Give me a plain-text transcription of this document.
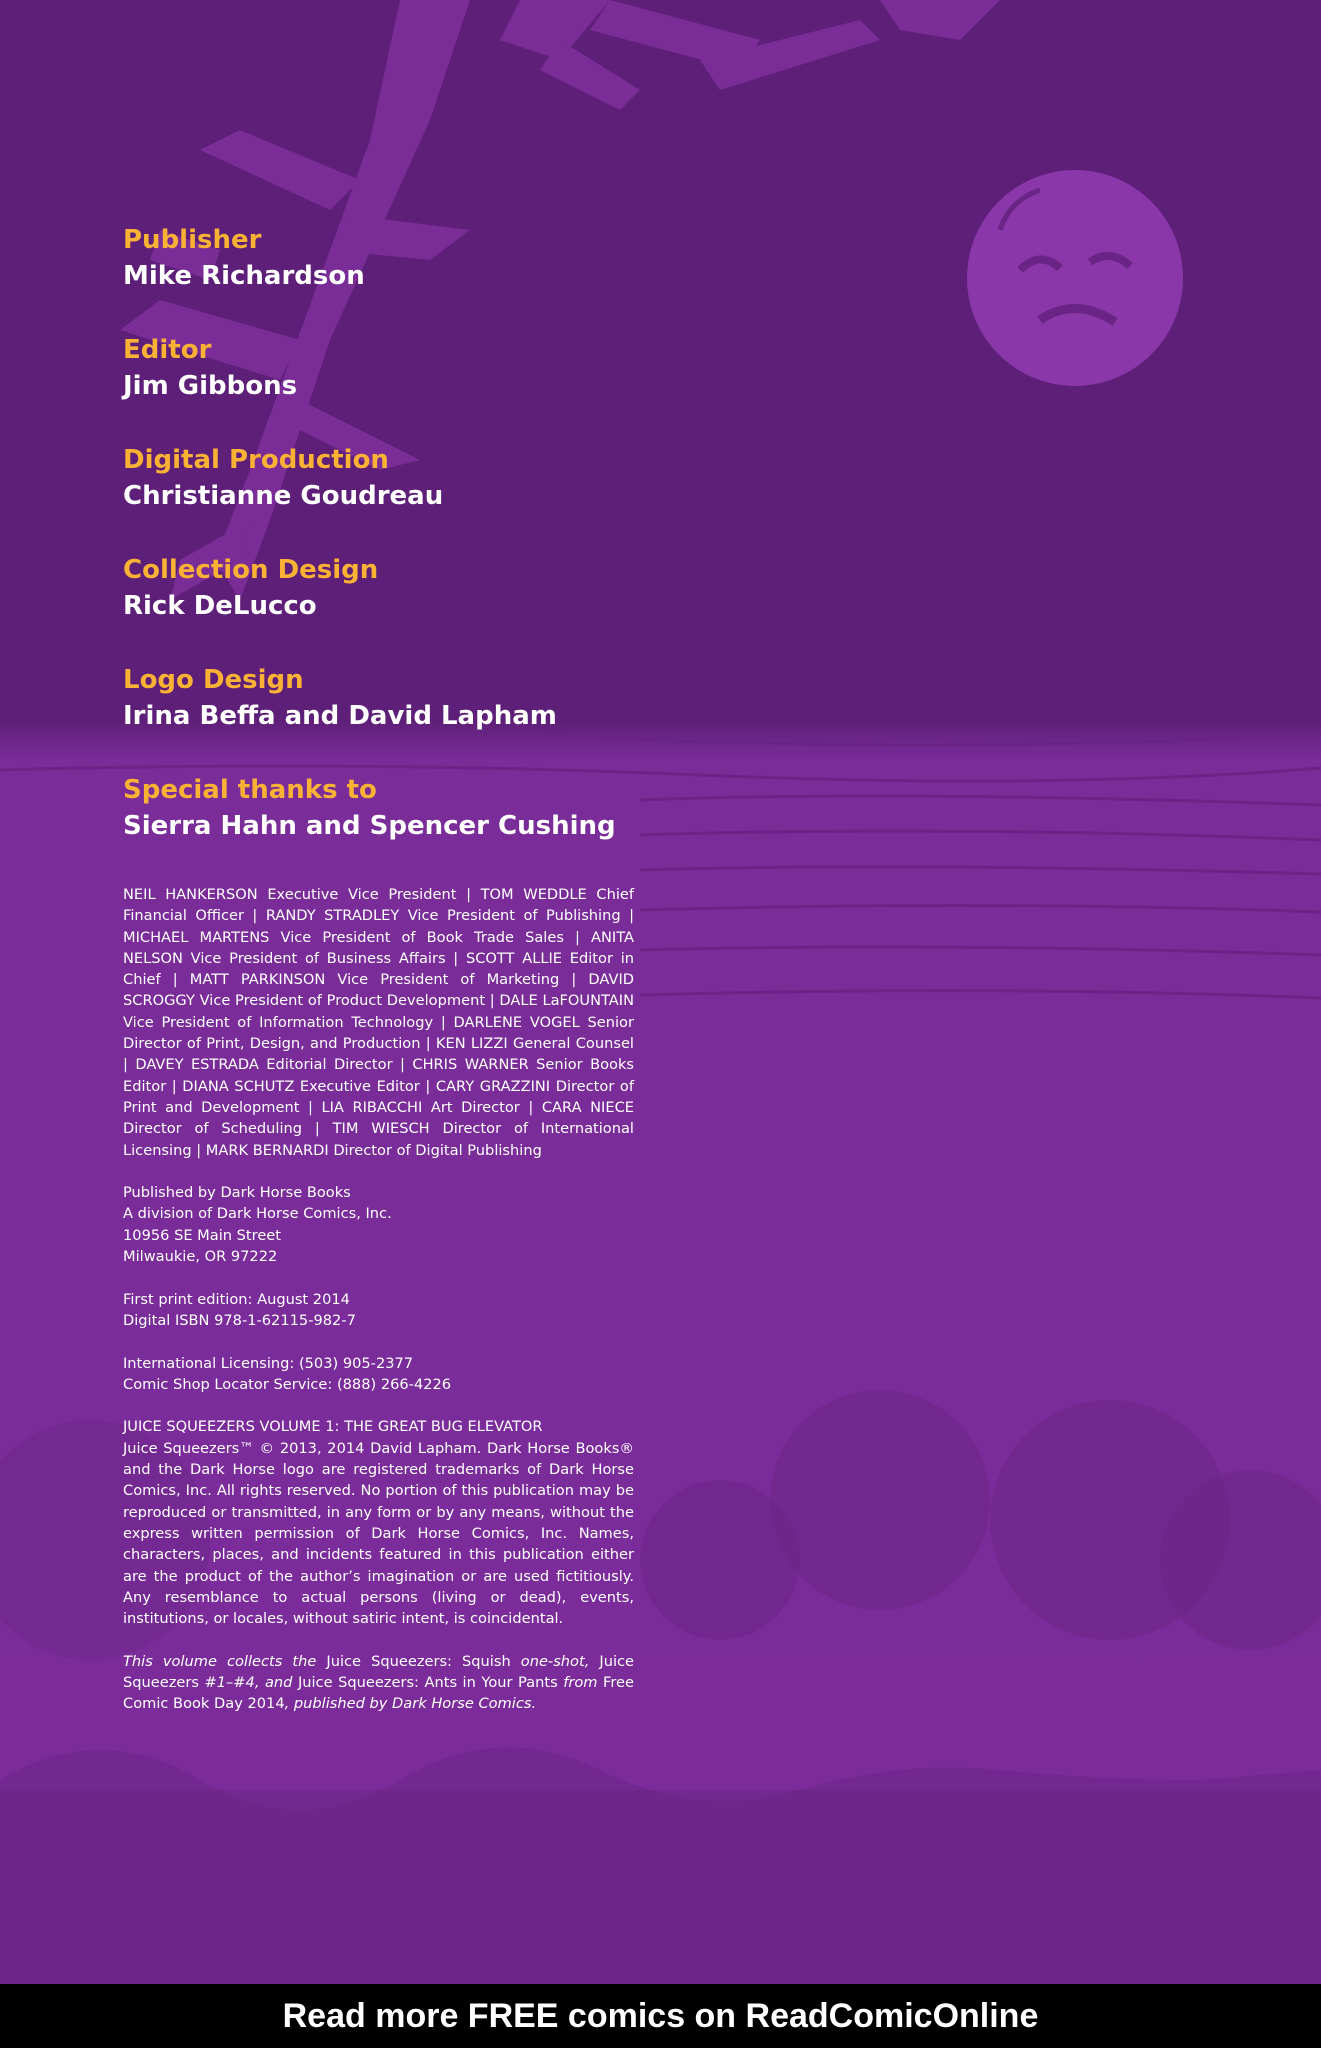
Publisher
Mike Richardson
Editor
Jim Gibbons
Digital Production
Christianne Goudreau
Collection Design
Rick DeLucco
Logo Design
Irina Beffa and David Lapham
Special thanks to
Sierra Hahn and Spencer Cushing

NEIL HANKERSON Executive Vice President | TOM WEDDLE Chief Financial Officer | RANDY STRADLEY Vice President of Publishing | MICHAEL MARTENS Vice President of Book Trade Sales | ANITA NELSON Vice President of Business Affairs | SCOTT ALLIE Editor in Chief | MATT PARKINSON Vice President of Marketing | DAVID SCROGGY Vice President of Product Development | DALE LaFOUNTAIN Vice President of Information Technology | DARLENE VOGEL Senior Director of Print, Design, and Production | KEN LIZZI General Counsel | DAVEY ESTRADA Editorial Director | CHRIS WARNER Senior Books Editor | DIANA SCHUTZ Executive Editor | CARY GRAZZINI Director of Print and Development | LIA RIBACCHI Art Director | CARA NIECE Director of Scheduling | TIM WIESCH Director of International Licensing | MARK BERNARDI Director of Digital Publishing

Published by Dark Horse Books
A division of Dark Horse Comics, Inc.
10956 SE Main Street
Milwaukie, OR 97222

First print edition: August 2014
Digital ISBN 978-1-62115-982-7

International Licensing: (503) 905-2377
Comic Shop Locator Service: (888) 266-4226

JUICE SQUEEZERS VOLUME 1: THE GREAT BUG ELEVATOR
Juice Squeezers™ © 2013, 2014 David Lapham. Dark Horse Books® and the Dark Horse logo are registered trademarks of Dark Horse Comics, Inc. All rights reserved. No portion of this publication may be reproduced or transmitted, in any form or by any means, without the express written permission of Dark Horse Comics, Inc. Names, characters, places, and incidents featured in this publication either are the product of the author’s imagination or are used fictitiously. Any resemblance to actual persons (living or dead), events, institutions, or locales, without satiric intent, is coincidental.

This volume collects the Juice Squeezers: Squish one-shot, Juice Squeezers #1–#4, and Juice Squeezers: Ants in Your Pants from Free Comic Book Day 2014, published by Dark Horse Comics.

Read more FREE comics on ReadComicOnline
